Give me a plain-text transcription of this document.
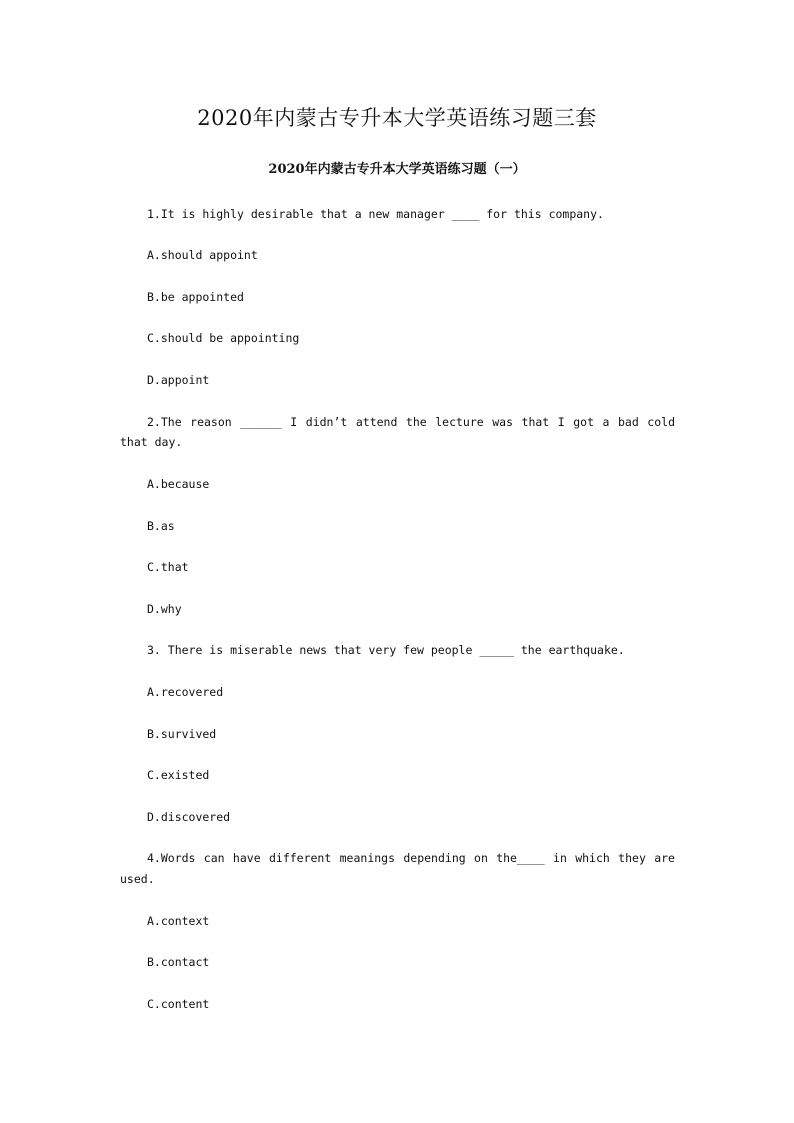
2020年内蒙古专升本大学英语练习题三套
2020年内蒙古专升本大学英语练习题（一）
1.It is highly desirable that a new manager ____ for this company.
A.should appoint
B.be appointed
C.should be appointing
D.appoint
2.The reason ______ I didn’t attend the lecture was that I got a bad cold
that day.
A.because
B.as
C.that
D.why
3. There is miserable news that very few people _____ the earthquake.
A.recovered
B.survived
C.existed
D.discovered
4.Words can have different meanings depending on the____ in which they are
used.
A.context
B.contact
C.content
